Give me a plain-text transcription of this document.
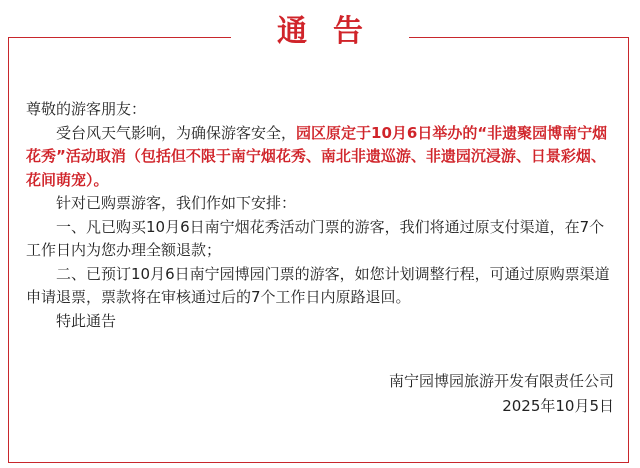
通告

尊敬的游客朋友：

受台风天气影响，为确保游客安全，园区原定于10月6日举办的“非遗聚园博南宁烟花秀”活动取消（包括但不限于南宁烟花秀、南北非遗巡游、非遗园沉浸游、日景彩烟、花间萌宠）。

针对已购票游客，我们作如下安排：

一、凡已购买10月6日南宁烟花秀活动门票的游客，我们将通过原支付渠道，在7个工作日内为您办理全额退款；

二、已预订10月6日南宁园博园门票的游客，如您计划调整行程，可通过原购票渠道申请退票，票款将在审核通过后的7个工作日内原路退回。

特此通告

南宁园博园旅游开发有限责任公司
2025年10月5日
